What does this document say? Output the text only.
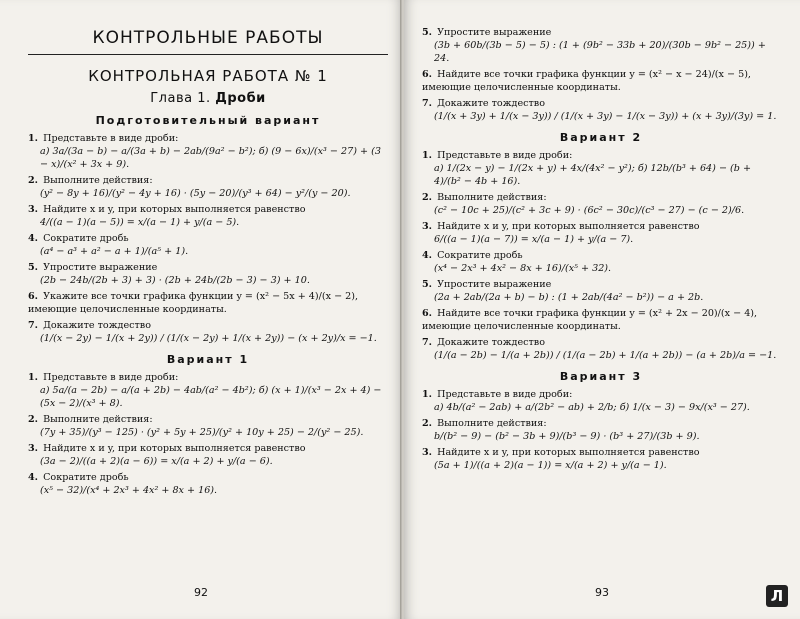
КОНТРОЛЬНЫЕ РАБОТЫ
КОНТРОЛЬНАЯ РАБОТА № 1
Глава 1. Дроби
Подготовительный вариант
1. Представьте в виде дроби:
а) 3a/(3a − b) − a/(3a + b) − 2ab/(9a² − b²); б) (9 − 6x)/(x³ − 27) + (3 − x)/(x² + 3x + 9).
2. Выполните действия:
(y² − 8y + 16)/(y² − 4y + 16) · (5y − 20)/(y³ + 64) − y²/(y − 20).
3. Найдите x и y, при которых выполняется равенство
4/((a − 1)(a − 5)) = x/(a − 1) + y/(a − 5).
4. Сократите дробь
(a⁴ − a³ + a² − a + 1)/(a⁵ + 1).
5. Упростите выражение
(2b − 24b/(2b + 3) + 3) · (2b + 24b/(2b − 3) − 3) + 10.
6. Укажите все точки графика функции y = (x² − 5x + 4)/(x − 2), имеющие целочисленные координаты.
7. Докажите тождество
(1/(x − 2y) − 1/(x + 2y)) / (1/(x − 2y) + 1/(x + 2y)) − (x + 2y)/x = −1.
Вариант 1
1. Представьте в виде дроби:
а) 5a/(a − 2b) − a/(a + 2b) − 4ab/(a² − 4b²); б) (x + 1)/(x³ − 2x + 4) − (5x − 2)/(x³ + 8).
2. Выполните действия:
(7y + 35)/(y³ − 125) · (y² + 5y + 25)/(y² + 10y + 25) − 2/(y² − 25).
3. Найдите x и y, при которых выполняется равенство
(3a − 2)/((a + 2)(a − 6)) = x/(a + 2) + y/(a − 6).
4. Сократите дробь
(x⁵ − 32)/(x⁴ + 2x³ + 4x² + 8x + 16).
92
5. Упростите выражение
(3b + 60b/(3b − 5) − 5) : (1 + (9b² − 33b + 20)/(30b − 9b² − 25)) + 24.
6. Найдите все точки графика функции y = (x² − x − 24)/(x − 5), имеющие целочисленные координаты.
7. Докажите тождество
(1/(x + 3y) + 1/(x − 3y)) / (1/(x + 3y) − 1/(x − 3y)) + (x + 3y)/(3y) = 1.
Вариант 2
1. Представьте в виде дроби:
а) 1/(2x − y) − 1/(2x + y) + 4x/(4x² − y²); б) 12b/(b³ + 64) − (b + 4)/(b² − 4b + 16).
2. Выполните действия:
(c² − 10c + 25)/(c² + 3c + 9) · (6c² − 30c)/(c³ − 27) − (c − 2)/6.
3. Найдите x и y, при которых выполняется равенство
6/((a − 1)(a − 7)) = x/(a − 1) + y/(a − 7).
4. Сократите дробь
(x⁴ − 2x³ + 4x² − 8x + 16)/(x⁵ + 32).
5. Упростите выражение
(2a + 2ab/(2a + b) − b) : (1 + 2ab/(4a² − b²)) − a + 2b.
6. Найдите все точки графика функции y = (x² + 2x − 20)/(x − 4), имеющие целочисленные координаты.
7. Докажите тождество
(1/(a − 2b) − 1/(a + 2b)) / (1/(a − 2b) + 1/(a + 2b)) − (a + 2b)/a = −1.
Вариант 3
1. Представьте в виде дроби:
а) 4b/(a² − 2ab) + a/(2b² − ab) + 2/b; б) 1/(x − 3) − 9x/(x³ − 27).
2. Выполните действия:
b/(b² − 9) − (b² − 3b + 9)/(b³ − 9) · (b³ + 27)/(3b + 9).
3. Найдите x и y, при которых выполняется равенство
(5a + 1)/((a + 2)(a − 1)) = x/(a + 2) + y/(a − 1).
93	Л
